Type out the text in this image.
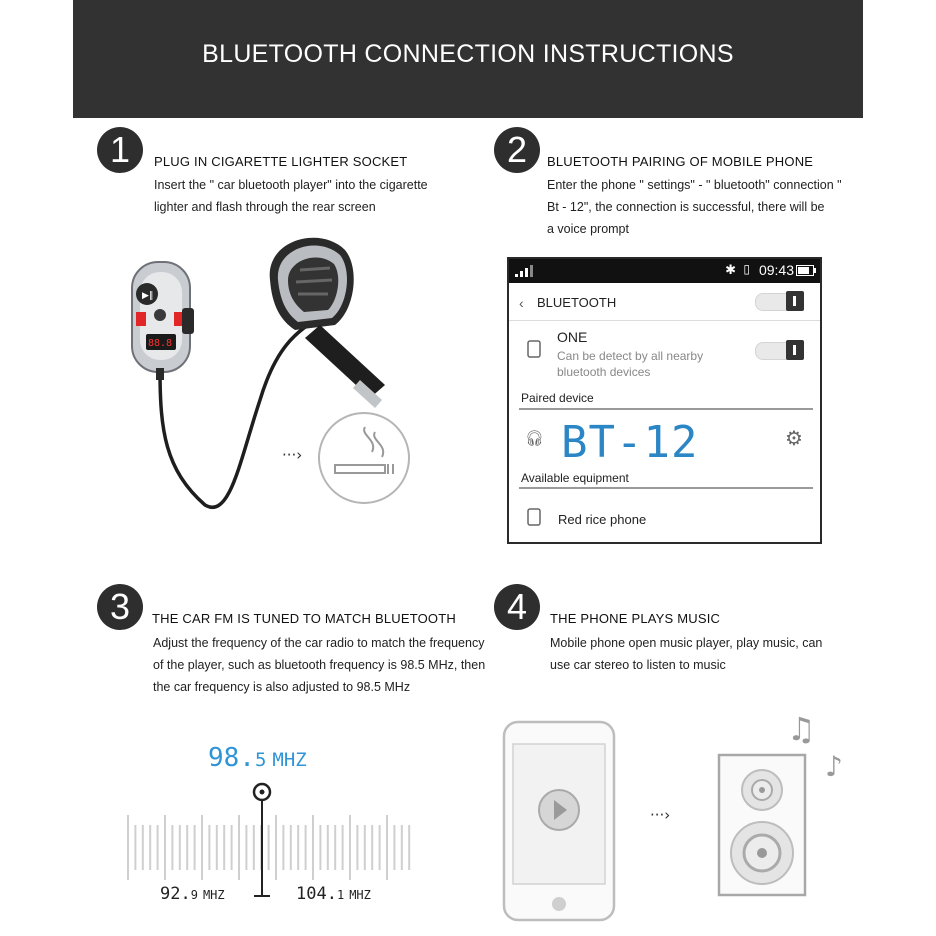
BLUETOOTH CONNECTION INSTRUCTIONS
1	PLUG IN CIGARETTE LIGHTER SOCKET
Insert the " car bluetooth player" into the cigarette
lighter and flash through the rear screen
▶‖
88.8
···›
2	BLUETOOTH PAIRING OF MOBILE PHONE
Enter the phone " settings" - " bluetooth" connection "
Bt - 12", the connection is successful, there will be
a voice prompt
✱ ▯ 09:43
‹ BLUETOOTH
ONE
Can be detect by all nearby
bluetooth devices
Paired device
🎧︎ BT-12	⚙
Available equipment
Red rice phone
3	THE CAR FM IS TUNED TO MATCH BLUETOOTH
Adjust the frequency of the car radio to match the frequency
of the player, such as bluetooth frequency is 98.5 MHz, then
the car frequency is also adjusted to 98.5 MHz
98.5 MHZ
92.9 MHZ	104.1 MHZ
4	THE PHONE PLAYS MUSIC
Mobile phone open music player, play music, can
use car stereo to listen to music
···›
♫
♪
